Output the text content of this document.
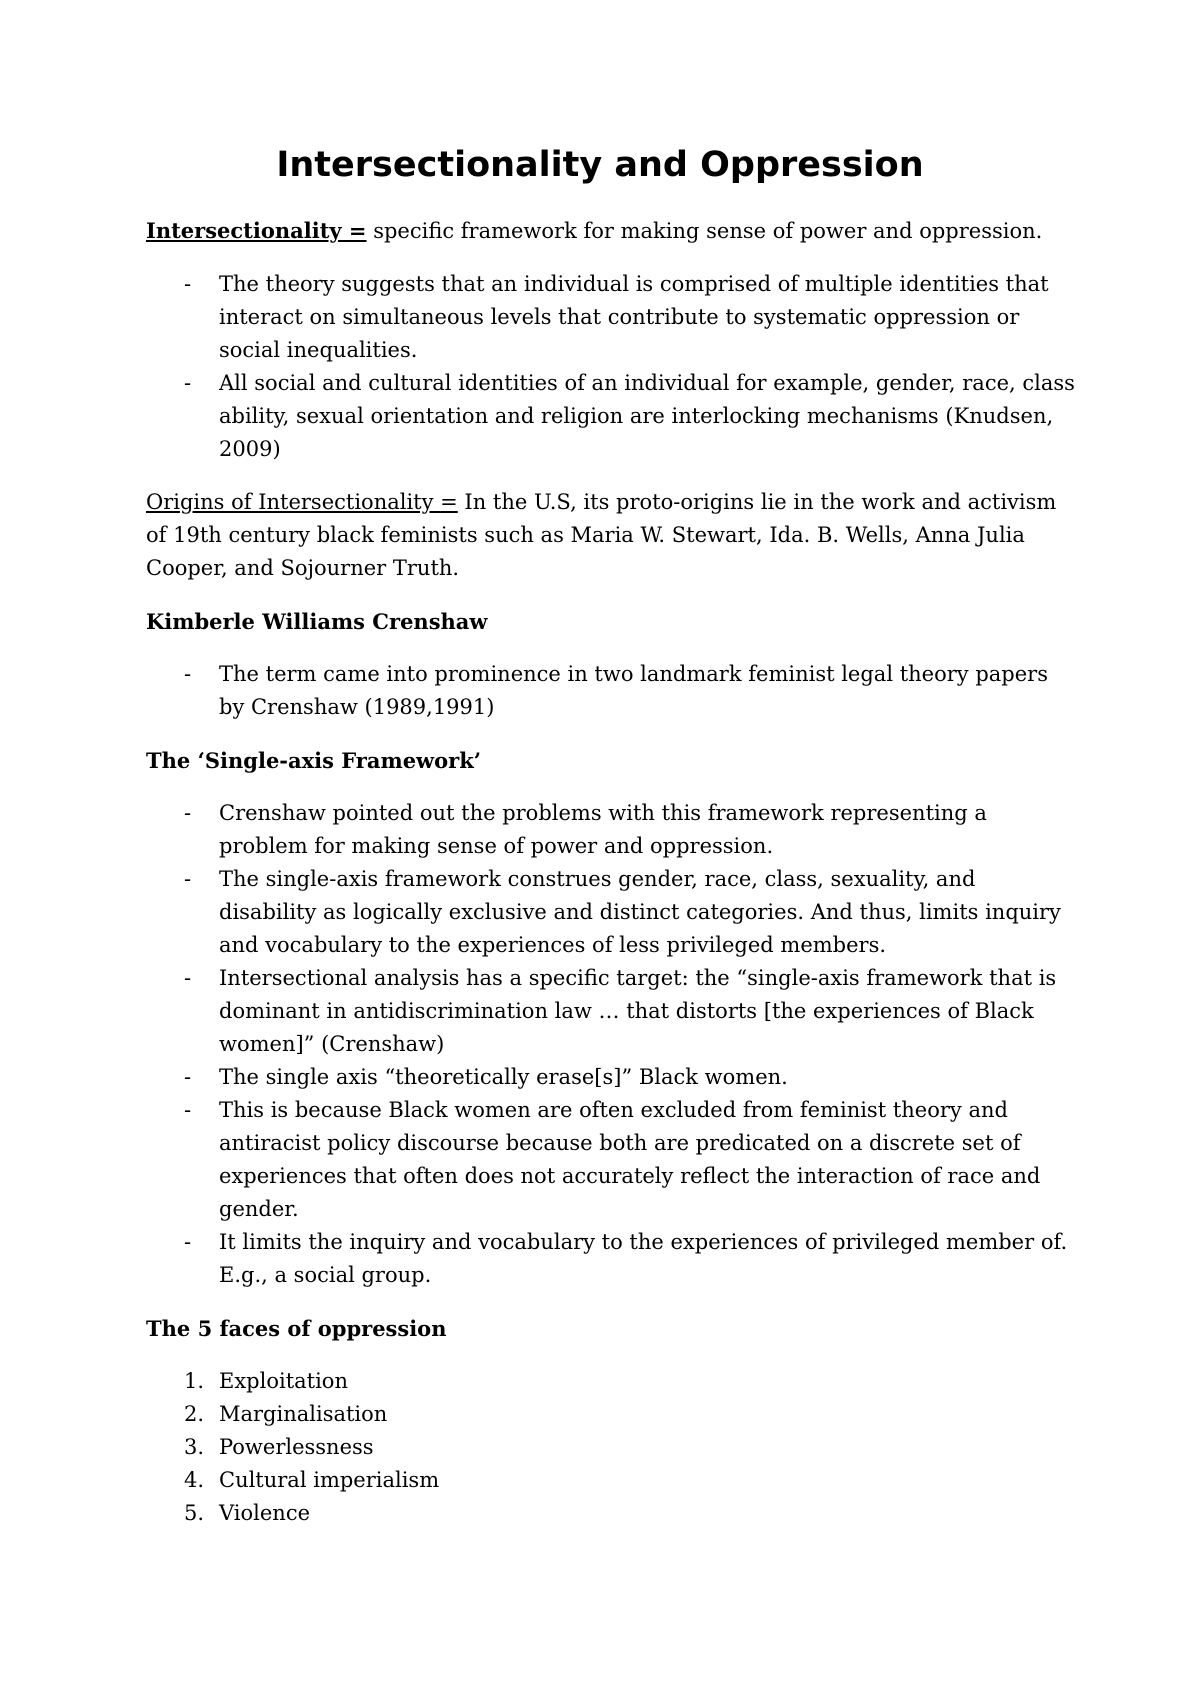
Intersectionality and Oppression

Intersectionality = specific framework for making sense of power and oppression.

- The theory suggests that an individual is comprised of multiple identities that interact on simultaneous levels that contribute to systematic oppression or social inequalities.
- All social and cultural identities of an individual for example, gender, race, class ability, sexual orientation and religion are interlocking mechanisms (Knudsen, 2009)

Origins of Intersectionality = In the U.S, its proto-origins lie in the work and activism of 19th century black feminists such as Maria W. Stewart, Ida. B. Wells, Anna Julia Cooper, and Sojourner Truth.

Kimberle Williams Crenshaw

- The term came into prominence in two landmark feminist legal theory papers by Crenshaw (1989,1991)

The ‘Single-axis Framework’

- Crenshaw pointed out the problems with this framework representing a problem for making sense of power and oppression.
- The single-axis framework construes gender, race, class, sexuality, and disability as logically exclusive and distinct categories. And thus, limits inquiry and vocabulary to the experiences of less privileged members.
- Intersectional analysis has a specific target: the “single-axis framework that is dominant in antidiscrimination law … that distorts [the experiences of Black women]” (Crenshaw)
- The single axis “theoretically erase[s]” Black women.
- This is because Black women are often excluded from feminist theory and antiracist policy discourse because both are predicated on a discrete set of experiences that often does not accurately reflect the interaction of race and gender.
- It limits the inquiry and vocabulary to the experiences of privileged member of. E.g., a social group.

The 5 faces of oppression

1. Exploitation
2. Marginalisation
3. Powerlessness
4. Cultural imperialism
5. Violence
